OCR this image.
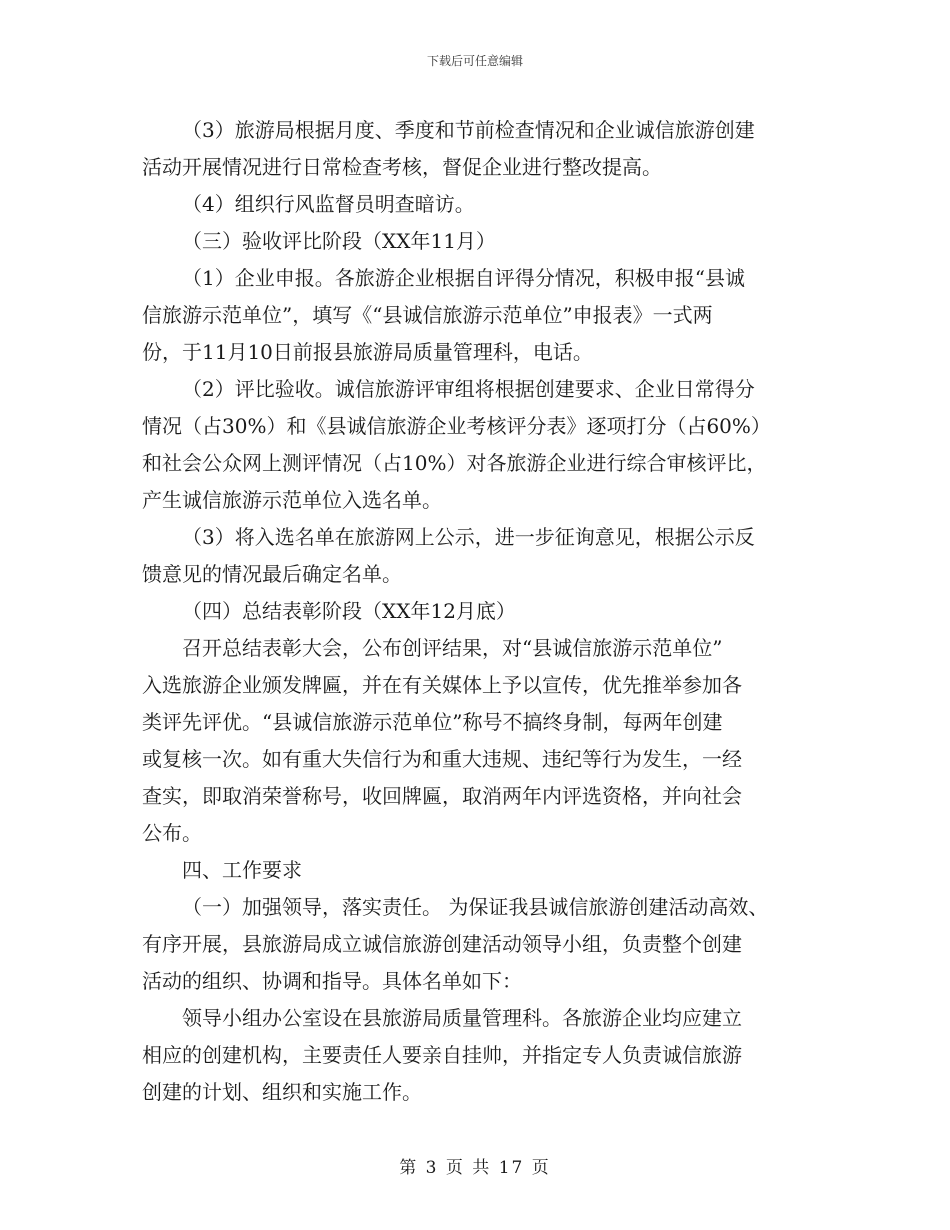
下载后可任意编辑
（3）旅游局根据月度、季度和节前检查情况和企业诚信旅游创建
活动开展情况进行日常检查考核，督促企业进行整改提高。
（4）组织行风监督员明查暗访。
（三）验收评比阶段（XX年11月）
（1）企业申报。各旅游企业根据自评得分情况，积极申报“县诚
信旅游示范单位”，填写《“县诚信旅游示范单位”申报表》一式两
份，于11月10日前报县旅游局质量管理科，电话。
（2）评比验收。诚信旅游评审组将根据创建要求、企业日常得分
情况（占30%）和《县诚信旅游企业考核评分表》逐项打分（占60%）
和社会公众网上测评情况（占10%）对各旅游企业进行综合审核评比，
产生诚信旅游示范单位入选名单。
（3）将入选名单在旅游网上公示，进一步征询意见，根据公示反
馈意见的情况最后确定名单。
（四）总结表彰阶段（XX年12月底）
召开总结表彰大会，公布创评结果，对“县诚信旅游示范单位”
入选旅游企业颁发牌匾，并在有关媒体上予以宣传，优先推举参加各
类评先评优。“县诚信旅游示范单位”称号不搞终身制，每两年创建
或复核一次。如有重大失信行为和重大违规、违纪等行为发生，一经
查实，即取消荣誉称号，收回牌匾，取消两年内评选资格，并向社会
公布。
四、工作要求
（一）加强领导，落实责任。 为保证我县诚信旅游创建活动高效、
有序开展，县旅游局成立诚信旅游创建活动领导小组，负责整个创建
活动的组织、协调和指导。具体名单如下：
领导小组办公室设在县旅游局质量管理科。各旅游企业均应建立
相应的创建机构，主要责任人要亲自挂帅，并指定专人负责诚信旅游
创建的计划、组织和实施工作。
第 3 页 共 17 页
